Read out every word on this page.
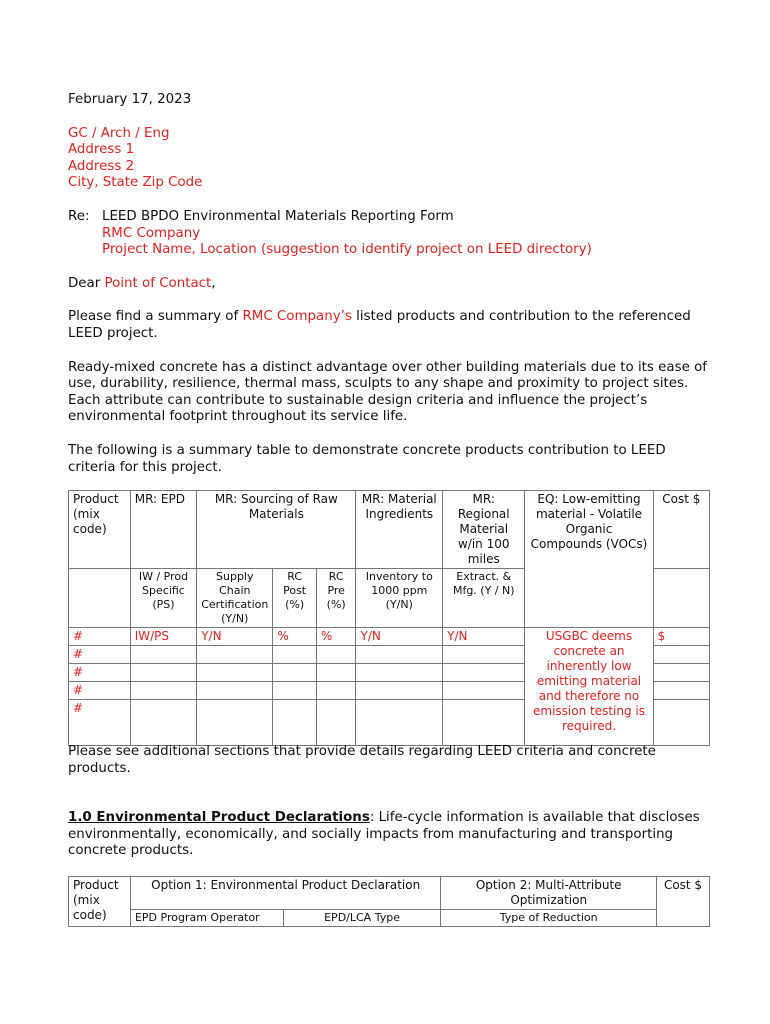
February 17, 2023

GC / Arch / Eng

Address 1

Address 2

City, State Zip Code

Re: LEED BPDO Environmental Materials Reporting Form
RMC Company
Project Name, Location (suggestion to identify project on LEED directory)

Dear Point of Contact,

Please find a summary of RMC Company’s listed products and contribution to the referenced LEED project.

Ready-mixed concrete has a distinct advantage over other building materials due to its ease of use, durability, resilience, thermal mass, sculpts to any shape and proximity to project sites. Each attribute can contribute to sustainable design criteria and influence the project’s environmental footprint throughout its service life.

The following is a summary table to demonstrate concrete products contribution to LEED criteria for this project.

Product (mix code)	MR: EPD	MR: Sourcing of Raw Materials			MR: Material Ingredients	MR: Regional Material w/in 100 miles	EQ: Low-emitting material - Volatile Organic Compounds (VOCs)	Cost $
	IW / Prod Specific (PS)	Supply Chain Certification (Y/N)	RC Post (%)	RC Pre (%)	Inventory to 1000 ppm (Y/N)	Extract. & Mfg. (Y / N)		
#	IW/PS	Y/N	%	%	Y/N	Y/N	USGBC deems concrete an inherently low emitting material and therefore no emission testing is required.	$
#								
#								
#								
#								
Please see additional sections that provide details regarding LEED criteria and concrete products.
1.0 Environmental Product Declarations: Life-cycle information is available that discloses environmentally, economically, and socially impacts from manufacturing and transporting concrete products.
Product (mix code)	Option 1: Environmental Product Declaration		Option 2: Multi-Attribute Optimization	Cost $
	EPD Program Operator	EPD/LCA Type	Type of Reduction	
